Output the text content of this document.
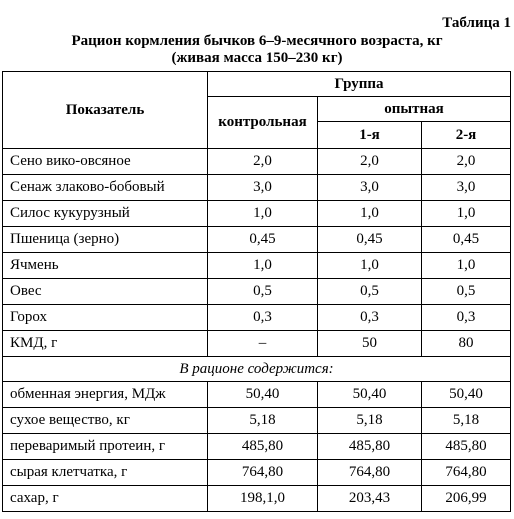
Таблица 1
Рацион кормления бычков 6–9-месячного возраста, кг
(живая масса 150–230 кг)
Показатель	Группа		
	контрольная	опытная	
		1-я	2-я
Сено вико-овсяное	2,0	2,0	2,0
Сенаж злаково-бобовый	3,0	3,0	3,0
Силос кукурузный	1,0	1,0	1,0
Пшеница (зерно)	0,45	0,45	0,45
Ячмень	1,0	1,0	1,0
Овес	0,5	0,5	0,5
Горох	0,3	0,3	0,3
КМД, г	–	50	80
В рационе содержится:			
обменная энергия, МДж	50,40	50,40	50,40
сухое вещество, кг	5,18	5,18	5,18
переваримый протеин, г	485,80	485,80	485,80
сырая клетчатка, г	764,80	764,80	764,80
сахар, г	198,1,0	203,43	206,99
